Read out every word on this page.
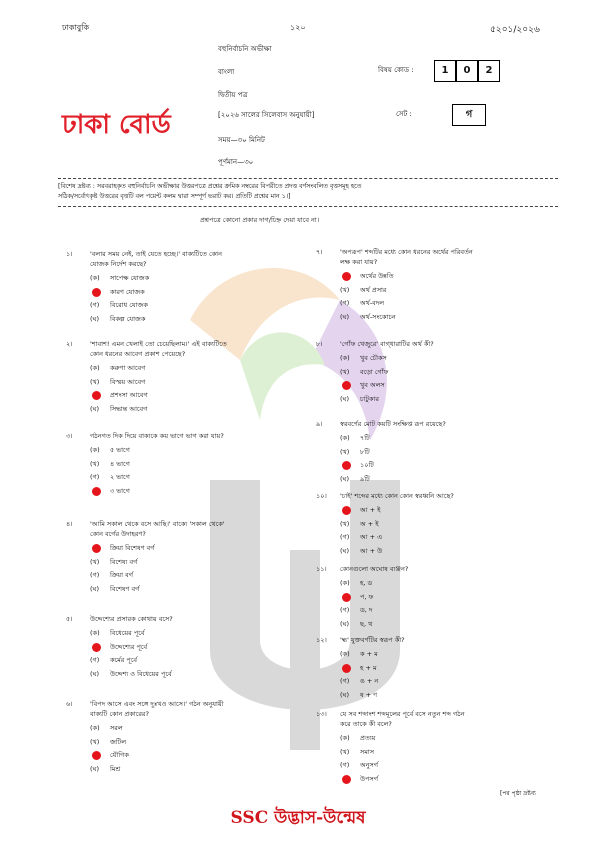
ঢাকাবুকি	১২০	৫২০১/২০২৬
বহুনির্বাচনি অভীক্ষা
বাংলা
দ্বিতীয় পত্র
[২০২৬ সালের সিলেবাস অনুযায়ী]
সময়—৩০ মিনিট
পূর্ণমান—৩০
ঢাকা বোর্ড
বিষয় কোড :	1	0	2
সেট :	গ
[বিশেষ দ্রষ্টব্য : সরবরাহকৃত বহুনির্বাচনি অভীক্ষার উত্তরপত্রে প্রশ্নের ক্রমিক নম্বরের বিপরীতে প্রদত্ত বর্ণসংবলিত বৃত্তসমূহ হতে
সঠিক/সর্বোৎকৃষ্ট উত্তরের বৃত্তটি বল পয়েন্ট কলম দ্বারা সম্পূর্ণ ভরাট কর। প্রতিটি প্রশ্নের মান ১।]
প্রশ্নপত্রে কোনো প্রকার দাগ/চিহ্ন দেয়া যাবে না।
১।	'বলার সময় নেই, তাই যেতে হচ্ছে।' বাক্যটিতে কোন
যোজক নির্দেশ করছে?
(ক) সাপেক্ষ যোজক
কারণ যোজক
(গ) বিরোধ যোজক
(ঘ) বিকল্প যোজক
২।	'শাবাশ! এমন খেলাই তো চেয়েছিলাম।' এই বাক্যটিতে
কোন ধরনের আবেগ প্রকাশ পেয়েছে?
(ক) করুণা আবেগ
(খ) বিস্ময় আবেগ
প্রশংসা আবেগ
(ঘ) সিদ্ধান্ত আবেগ
৩।	গঠনগত দিক দিয়ে বাক্যকে কয় ভাগে ভাগ করা যায়?
(ক) ৫ ভাগে
(খ) ৪ ভাগে
(গ) ২ ভাগে
৩ ভাগে
৪।	'আমি সকাল থেকে বসে আছি।' বাক্যে 'সকাল থেকে'
কোন বর্গের উদাহরণ?
ক্রিয়া বিশেষণ বর্গ
(খ) বিশেষ্য বর্গ
(গ) ক্রিয়া বর্গ
(ঘ) বিশেষণ বর্গ
৫।	উদ্দেশ্যের প্রসারক কোথায় বসে?
(ক) বিধেয়ের পূর্বে
উদ্দেশ্যের পূর্বে
(গ) কর্মের পূর্বে
(ঘ) উদ্দেশ্য ও বিধেয়ের পূর্বে
৬।	'বিপদ আসে এবং সঙ্গে দুঃখও আসে।' গঠন অনুযায়ী
বাক্যটি কোন প্রকারের?
(ক) সরল
(খ) জটিল
যৌগিক
(ঘ) মিশ্র
৭।	'অপরূপ' শব্দটির মধ্যে কোন ধরনের অর্থের পরিবর্তন
লক্ষ করা যায়?
অর্থের উন্নতি
(খ) অর্থ প্রসার
(গ) অর্থ-বদল
(ঘ) অর্থ-সংকোচন
৮।	'গোঁফ খেজুরে' বাগ্‌ধারাটির অর্থ কী?
(ক) খুব চৌকস
(খ) বড়ো গোঁফ
খুব অলস
(ঘ) চাটুকার
৯।	স্বরবর্ণের মোট কয়টি সংক্ষিপ্ত রূপ রয়েছে?
(ক) ৭টি
(খ) ৮টি
১০টি
(ঘ) ৯টি
১০। 'চাই' শব্দের মধ্যে কোন কোন স্বরধ্বনি আছে?
আ + ই
(খ) অ + ই
(গ) আ + এ
(ঘ) আ + উ
১১। কোনগুলো অঘোষ ব্যঞ্জন?
(ক) হ, ড
প, ফ
(গ) ড, দ
(ঘ) ছ, থ
১২। 'হ্ম' যুক্তবর্ণটির স্বরূপ কী?
(ক) ক + ম
হ + ম
(গ) ঙ + ন
(ঘ) ষ + ণ
১৩। যে সব শব্দাংশ শব্দমূলের পূর্বে বসে নতুন শব্দ গঠন
করে তাকে কী বলে?
(ক) প্রত্যয়
(খ) সমাস
(গ) অনুসর্গ
উপসর্গ
[পর পৃষ্ঠা দ্রষ্টব্য
SSC উদ্ভাস-উন্মেষ
